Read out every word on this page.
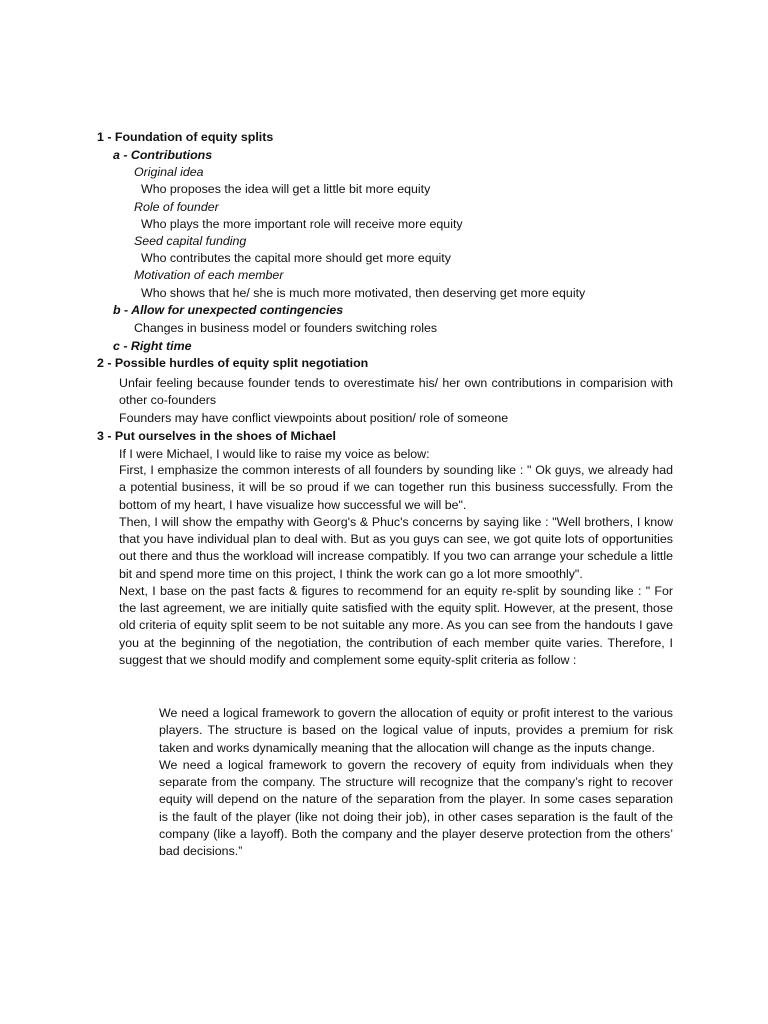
1 - Foundation of equity splits
a - Contributions
Original idea
Who proposes the idea will get a little bit more equity
Role of founder
Who plays the more important role will receive more equity
Seed capital funding
Who contributes the capital more should get more equity
Motivation of each member
Who shows that he/ she is much more motivated, then deserving get more equity
b - Allow for unexpected contingencies
Changes in business model or founders switching roles
c - Right time
2 - Possible hurdles of equity split negotiation
Unfair feeling because founder tends to overestimate his/ her own contributions in comparision with other co-founders
Founders may have conflict viewpoints about position/ role of someone
3 - Put ourselves in the shoes of Michael
If I were Michael, I would like to raise my voice as below:

First, I emphasize the common interests of all founders by sounding like : " Ok guys, we already had a potential business, it will be so proud if we can together run this business successfully. From the bottom of my heart, I have visualize how successful we will be".

Then, I will show the empathy with Georg's & Phuc's concerns by saying like : "Well brothers, I know that you have individual plan to deal with. But as you guys can see, we got quite lots of opportunities out there and thus the workload will increase compatibly. If you two can arrange your schedule a little bit and spend more time on this project, I think the work can go a lot more smoothly".

Next, I base on the past facts & figures to recommend for an equity re-split by sounding like : " For the last agreement, we are initially quite satisfied with the equity split. However, at the present, those old criteria of equity split seem to be not suitable any more. As you can see from the handouts I gave you at the beginning of the negotiation, the contribution of each member quite varies. Therefore, I suggest that we should modify and complement some equity-split criteria as follow :

We need a logical framework to govern the allocation of equity or profit interest to the various players. The structure is based on the logical value of inputs, provides a premium for risk taken and works dynamically meaning that the allocation will change as the inputs change.

We need a logical framework to govern the recovery of equity from individuals when they separate from the company. The structure will recognize that the company’s right to recover equity will depend on the nature of the separation from the player. In some cases separation is the fault of the player (like not doing their job), in other cases separation is the fault of the company (like a layoff). Both the company and the player deserve protection from the others’ bad decisions.”
